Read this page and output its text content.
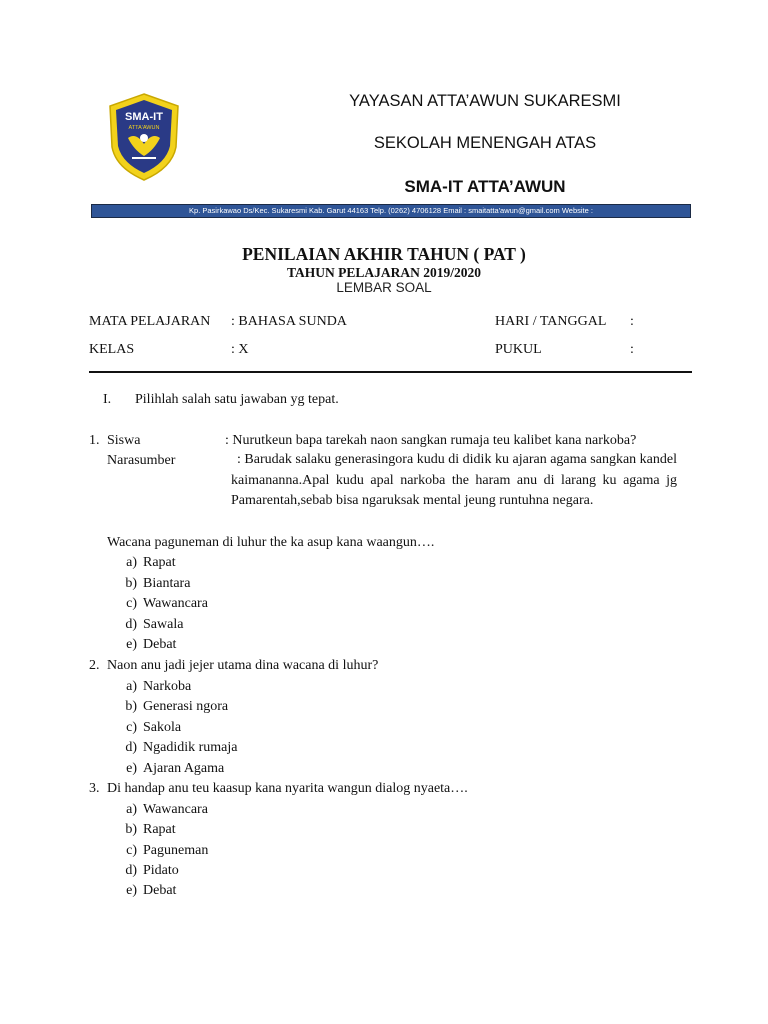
SMA-IT
ATTA'AWUN
YAYASAN ATTA’AWUN SUKARESMI
SEKOLAH MENENGAH ATAS
SMA-IT ATTA’AWUN
Kp. Pasirkawao Ds/Kec. Sukaresmi Kab. Garut 44163 Telp. (0262) 4706128 Email : smaitatta'awun@gmail.com Website :
PENILAIAN AKHIR TAHUN ( PAT )
TAHUN PELAJARAN 2019/2020
LEMBAR SOAL
MATA PELAJARAN : BAHASA SUNDA	HARI / TANGGAL :
KELAS	: X	PUKUL	:
I. Pilihlah salah satu jawaban yg tepat.
1. Siswa	: Nurutkeun bapa tarekah naon sangkan rumaja teu kalibet kana narkoba?
Narasumber	: Barudak salaku generasingora kudu di didik ku ajaran agama sangkan kandel kaimananna.Apal kudu apal narkoba the haram anu di larang ku agama jg Pamarentah,sebab bisa ngaruksak mental jeung runtuhna negara.
Wacana paguneman di luhur the ka asup kana waangun….
a) Rapat
b) Biantara
c) Wawancara
d) Sawala
e) Debat
2. Naon anu jadi jejer utama dina wacana di luhur?
a) Narkoba
b) Generasi ngora
c) Sakola
d) Ngadidik rumaja
e) Ajaran Agama
3. Di handap anu teu kaasup kana nyarita wangun dialog nyaeta….
a) Wawancara
b) Rapat
c) Paguneman
d) Pidato
e) Debat
